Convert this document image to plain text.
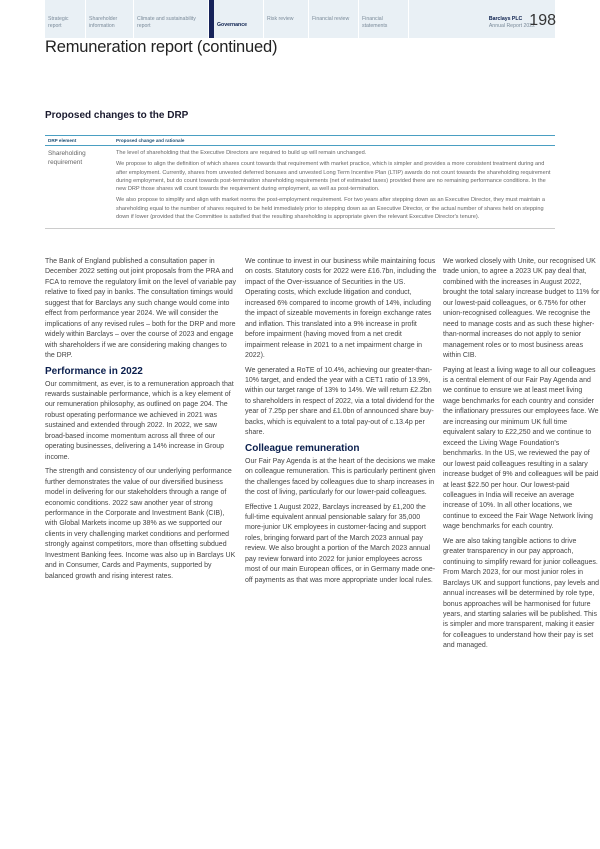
Strategic report
Shareholder information
Climate and sustainability report	Governance
Risk review	Financial review	Financial statements
Barclays PLC
Annual Report 2022
198
Remuneration report (continued)
Proposed changes to the DRP
DRP element	Proposed change and rationale
Shareholding requirement	The level of shareholding that the Executive Directors are required to build up will remain unchanged.

We propose to align the definition of which shares count towards that requirement with market practice, which is simpler and provides a more consistent treatment during and after employment. Currently, shares from unvested deferred bonuses and unvested Long Term Incentive Plan (LTIP) awards do not count towards the shareholding requirement during employment, but do count towards post-termination shareholding requirements (net of estimated taxes) provided there are no remaining performance conditions. In the new DRP those shares will count towards the requirement during employment, as well as post-termination.

We also propose to simplify and align with market norms the post-employment requirement. For two years after stepping down as an Executive Director, they must maintain a shareholding equal to the number of shares required to be held immediately prior to stepping down as an Executive Director, or the actual number of shares held on stepping down if lower (provided that the Committee is satisfied that the resulting shareholding is appropriate given the relevant Executive Director's tenure).

The Bank of England published a consultation paper in December 2022 setting out joint proposals from the PRA and FCA to remove the regulatory limit on the level of variable pay relative to fixed pay in banks. The consultation timings would suggest that for Barclays any such change would come into effect from performance year 2024. We will consider the implications of any revised rules – both for the DRP and more widely within Barclays – over the course of 2023 and engage with shareholders if we are considering making changes to the DRP.

Performance in 2022

Our commitment, as ever, is to a remuneration approach that rewards sustainable performance, which is a key element of our remuneration philosophy, as outlined on page 204. The robust operating performance we achieved in 2021 was sustained and extended through 2022. In 2022, we saw broad-based income momentum across all three of our operating businesses, delivering a 14% increase in Group income.

The strength and consistency of our underlying performance further demonstrates the value of our diversified business model in delivering for our stakeholders through a range of economic conditions. 2022 saw another year of strong performance in the Corporate and Investment Bank (CIB), with Global Markets income up 38% as we supported our clients in very challenging market conditions and performed strongly against competitors, more than offsetting subdued Investment Banking fees. Income was also up in Barclays UK and in Consumer, Cards and Payments, supported by balanced growth and rising interest rates.

We continue to invest in our business while maintaining focus on costs. Statutory costs for 2022 were £16.7bn, including the impact of the Over-issuance of Securities in the US. Operating costs, which exclude litigation and conduct, increased 6% compared to income growth of 14%, including the impact of sizeable movements in foreign exchange rates and inflation. This translated into a 9% increase in profit before impairment (having moved from a net credit impairment release in 2021 to a net impairment charge in 2022).

We generated a RoTE of 10.4%, achieving our greater-than-10% target, and ended the year with a CET1 ratio of 13.9%, within our target range of 13% to 14%. We will return £2.2bn to shareholders in respect of 2022, via a total dividend for the year of 7.25p per share and £1.0bn of announced share buy-backs, which is equivalent to a total pay-out of c.13.4p per share.

Colleague remuneration

Our Fair Pay Agenda is at the heart of the decisions we make on colleague remuneration. This is particularly pertinent given the challenges faced by colleagues due to sharp increases in the cost of living, particularly for our lower-paid colleagues.

Effective 1 August 2022, Barclays increased by £1,200 the full-time equivalent annual pensionable salary for 35,000 more-junior UK employees in customer-facing and support roles, bringing forward part of the March 2023 annual pay review. We also brought a portion of the March 2023 annual pay review forward into 2022 for junior employees across most of our main European offices, or in Germany made one-off payments as that was more appropriate under local rules.

We worked closely with Unite, our recognised UK trade union, to agree a 2023 UK pay deal that, combined with the increases in August 2022, brought the total salary increase budget to 11% for our lowest-paid colleagues, or 6.75% for other union-recognised colleagues. We recognise the need to manage costs and as such these higher-than-normal increases do not apply to senior management roles or to most business areas within CIB.

Paying at least a living wage to all our colleagues is a central element of our Fair Pay Agenda and we continue to ensure we at least meet living wage benchmarks for each country and consider the inflationary pressures our employees face. We are increasing our minimum UK full time equivalent salary to £22,250 and we continue to exceed the Living Wage Foundation's benchmarks. In the US, we reviewed the pay of our lowest paid colleagues resulting in a salary increase budget of 9% and colleagues will be paid at least $22.50 per hour. Our lowest-paid colleagues in India will receive an average increase of 10%. In all other locations, we continue to exceed the Fair Wage Network living wage benchmarks for each country.

We are also taking tangible actions to drive greater transparency in our pay approach, continuing to simplify reward for junior colleagues. From March 2023, for our most junior roles in Barclays UK and support functions, pay levels and annual increases will be determined by role type, bonus approaches will be harmonised for future years, and starting salaries will be published. This is simpler and more transparent, making it easier for colleagues to understand how their pay is set and managed.
